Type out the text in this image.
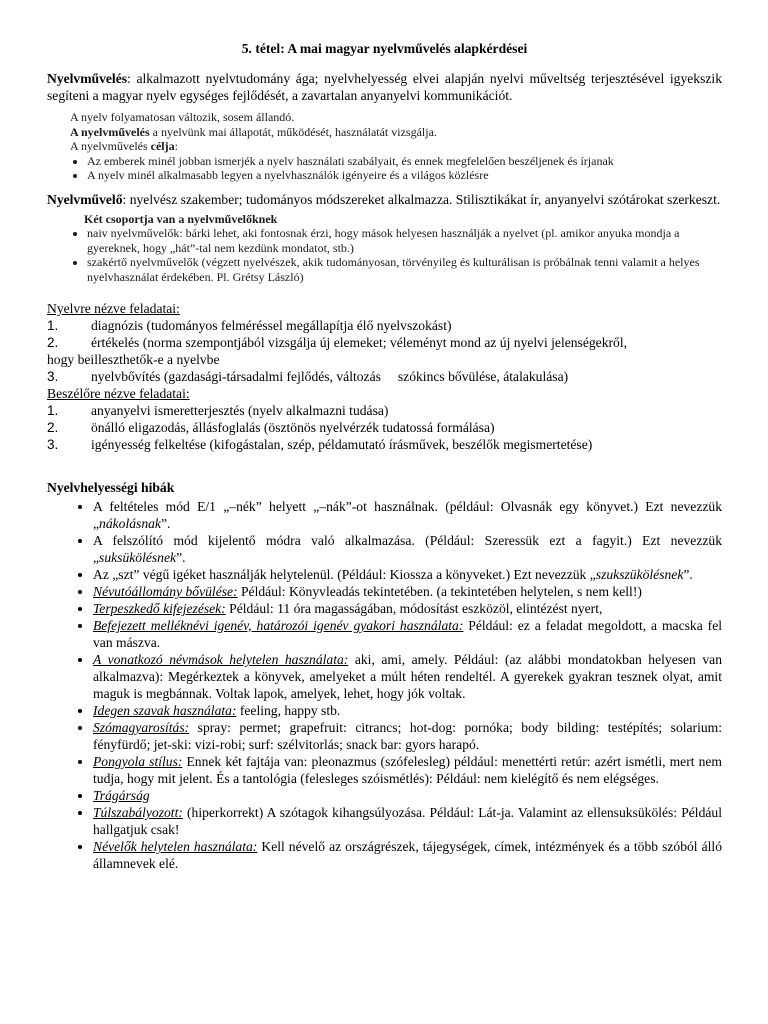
5. tétel: A mai magyar nyelvművelés alapkérdései

Nyelvművelés: alkalmazott nyelvtudomány ága; nyelvhelyesség elvei alapján nyelvi műveltség terjesztésével igyekszik segíteni a magyar nyelv egységes fejlődését, a zavartalan anyanyelvi kommunikációt.

A nyelv folyamatosan változik, sosem állandó.

A nyelvművelés a nyelvünk mai állapotát, működését, használatát vizsgálja.

A nyelvművelés célja:

• Az emberek minél jobban ismerjék a nyelv használati szabályait, és ennek megfelelően beszéljenek és írjanak
• A nyelv minél alkalmasabb legyen a nyelvhasználók igényeire és a világos közlésre

Nyelvművelő: nyelvész szakember; tudományos módszereket alkalmazza. Stilisztikákat ír, anyanyelvi szótárokat szerkeszt.

Két csoportja van a nyelvművelőknek

• naiv nyelvművelők: bárki lehet, aki fontosnak érzi, hogy mások helyesen használják a nyelvet (pl. amikor anyuka mondja a gyereknek, hogy „hát”-tal nem kezdünk mondatot, stb.)
• szakértő nyelvművelők (végzett nyelvészek, akik tudományosan, törvényileg és kulturálisan is próbálnak tenni valamit a helyes nyelvhasználat érdekében. Pl. Grétsy László)
Nyelvre nézve feladatai:
1.	diagnózis (tudományos felméréssel megállapítja élő nyelvszokást)
2.	értékelés (norma szempontjából vizsgálja új elemeket; véleményt mond az új nyelvi jelenségekről,

hogy beilleszthetők-e a nyelvbe

3.	nyelvbővítés (gazdasági-társadalmi fejlődés, változás     szókincs bővülése, átalakulása)
Beszélőre nézve feladatai:
1.	anyanyelvi ismeretterjesztés (nyelv alkalmazni tudása)
2.	önálló eligazodás, állásfoglalás (ösztönös nyelvérzék tudatossá formálása)
3.	igényesség felkeltése (kifogástalan, szép, példamutató írásművek, beszélők megismertetése)
Nyelvhelyességi hibák
• A feltételes mód E/1 „–nék” helyett „–nák”-ot használnak. (például: Olvasnák egy könyvet.) Ezt nevezzük „nákolásnak”.
• A felszólító mód kijelentő módra való alkalmazása. (Például: Szeressük ezt a fagyit.) Ezt nevezzük „suksükölésnek”.
• Az „szt” végű igéket használják helytelenül. (Például: Kiossza a könyveket.) Ezt nevezzük „szukszükölésnek”.
• Névutóállomány bővülése: Például: Könyvleadás tekintetében. (a tekintetében helytelen, s nem kell!)
• Terpeszkedő kifejezések: Például: 11 óra magasságában, módosítást eszközöl, elintézést nyert,
• Befejezett melléknévi igenév, határozói igenév gyakori használata: Például: ez a feladat megoldott, a macska fel van mászva.
• A vonatkozó névmások helytelen használata: aki, ami, amely. Például: (az alábbi mondatokban helyesen van alkalmazva): Megérkeztek a könyvek, amelyeket a múlt héten rendeltél. A gyerekek gyakran tesznek olyat, amit maguk is megbánnak. Voltak lapok, amelyek, lehet, hogy jók voltak.
• Idegen szavak használata: feeling, happy stb.
• Szómagyarosítás: spray: permet; grapefruit: citrancs; hot-dog: pornóka; body bilding: testépítés; solarium: fényfürdő; jet-ski: vizi-robi; surf: szélvitorlás; snack bar: gyors harapó.
• Pongyola stílus: Ennek két fajtája van: pleonazmus (szófelesleg) például: menettérti retúr: azért ismétli, mert nem tudja, hogy mit jelent. És a tantológia (felesleges szóismétlés): Például: nem kielégítő és nem elégséges.
• Trágárság
• Túlszabályozott: (hiperkorrekt) A szótagok kihangsúlyozása. Például: Lát-ja. Valamint az ellensuksükölés: Például hallgatjuk csak!
• Névelők helytelen használata: Kell névelő az országrészek, tájegységek, címek, intézmények és a több szóból álló államnevek elé.
